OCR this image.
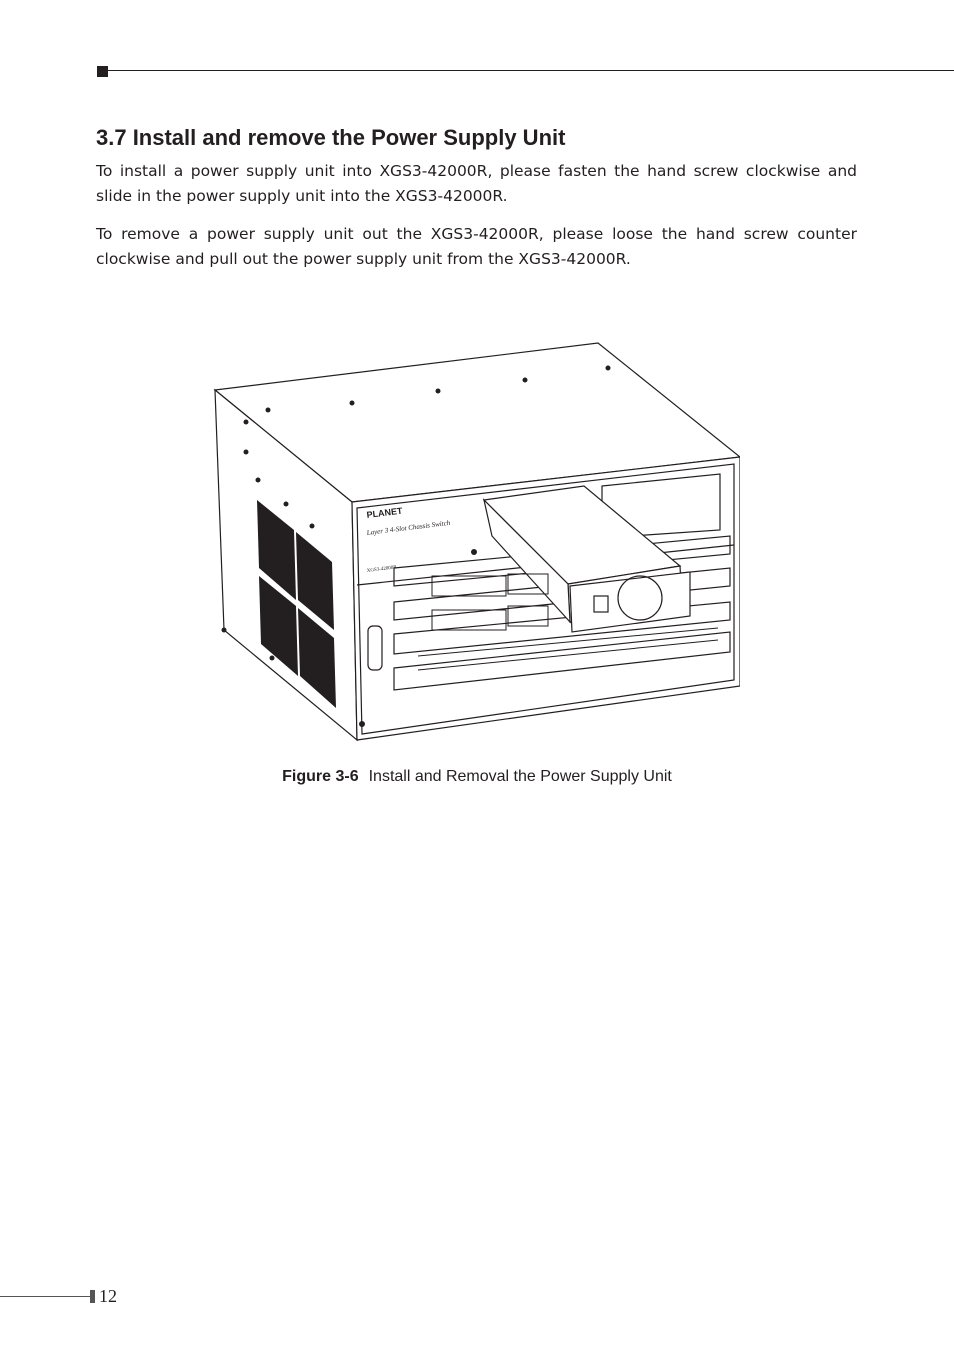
3.7 Install and remove the Power Supply Unit

To install a power supply unit into XGS3-42000R, please fasten the hand screw clockwise and slide in the power supply unit into the XGS3-42000R.

To remove a power supply unit out the XGS3-42000R, please loose the hand screw counter clockwise and pull out the power supply unit from the XGS3-42000R.

PLANET
Layer 3 4-Slot Chassis Switch
XGS3-42000R

Figure 3-6 Install and Removal the Power Supply Unit

12
